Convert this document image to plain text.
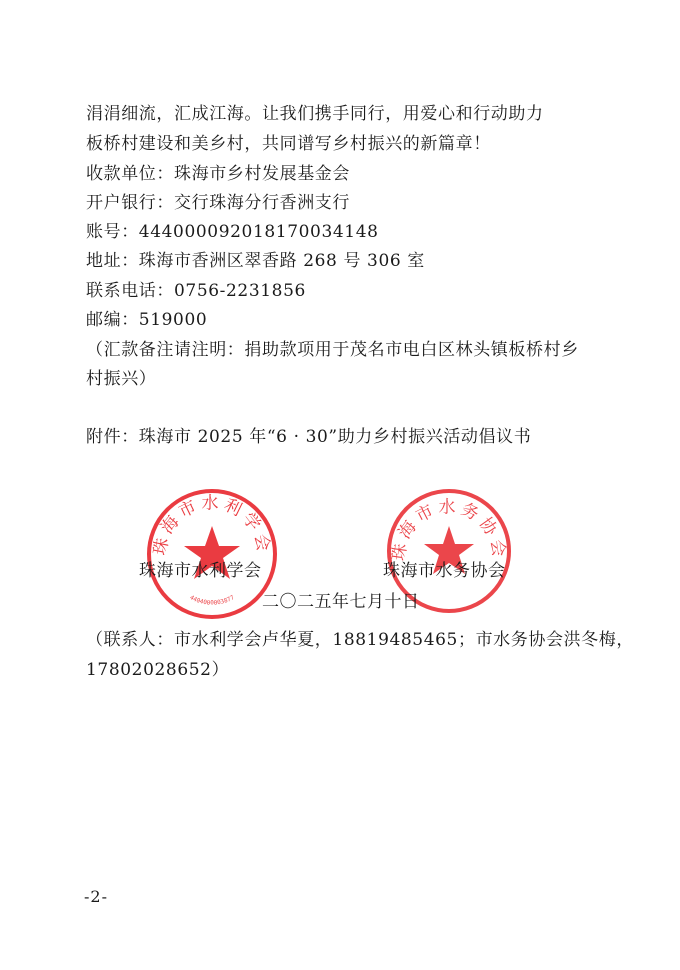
涓涓细流，汇成江海。让我们携手同行，用爱心和行动助力
板桥村建设和美乡村，共同谱写乡村振兴的新篇章！
收款单位：珠海市乡村发展基金会
开户银行：交行珠海分行香洲支行
账号：444000092018170034148
地址：珠海市香洲区翠香路 268 号 306 室
联系电话：0756-2231856
邮编：519000
（汇款备注请注明：捐助款项用于茂名市电白区林头镇板桥村乡
村振兴）
附件：珠海市 2025 年“6 · 30”助力乡村振兴活动倡议书
珠海市水利学会
4404000003877
珠海市水务协会
珠海市水利学会	珠海市水务协会
二〇二五年七月十日
（联系人：市水利学会卢华夏，18819485465；市水务协会洪冬梅，
17802028652）
-2-
